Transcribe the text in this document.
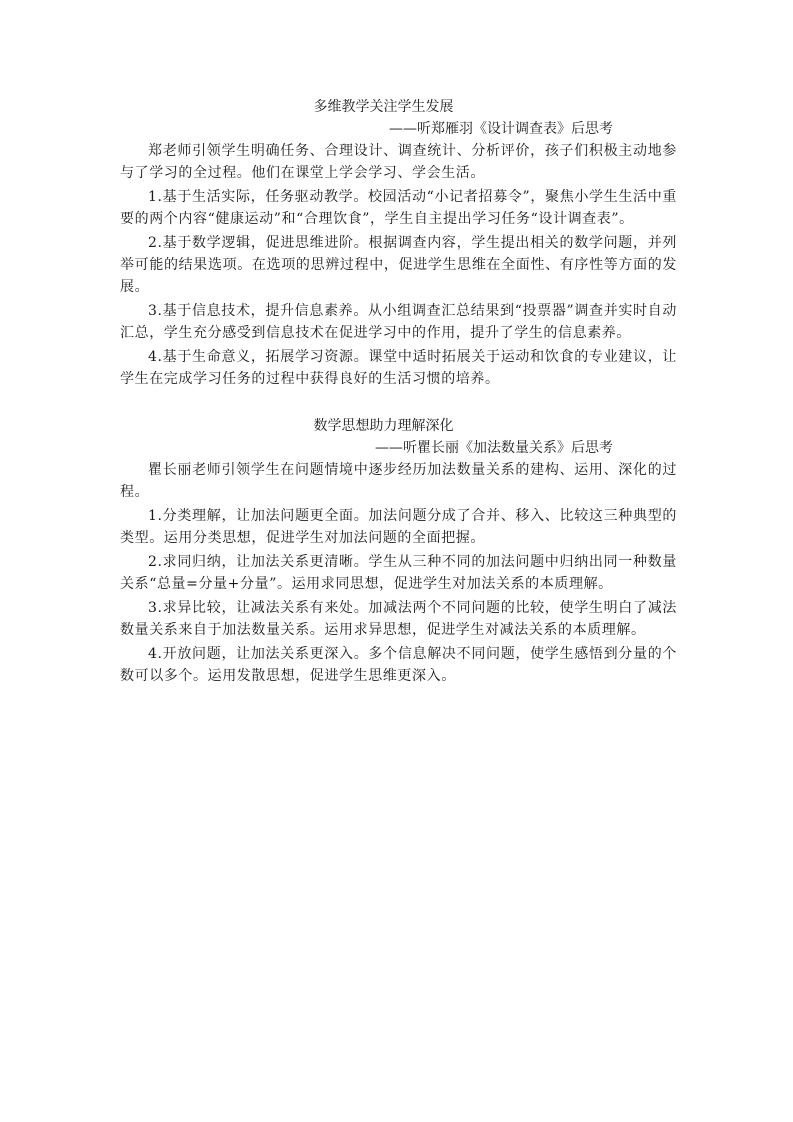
多维教学关注学生发展

——听郑雁羽《设计调查表》后思考

郑老师引领学生明确任务、合理设计、调查统计、分析评价，孩子们积极主动地参与了学习的全过程。他们在课堂上学会学习、学会生活。

1.基于生活实际，任务驱动教学。校园活动“小记者招募令”，聚焦小学生生活中重要的两个内容“健康运动”和“合理饮食”，学生自主提出学习任务“设计调查表”。

2.基于数学逻辑，促进思维进阶。根据调查内容，学生提出相关的数学问题，并列举可能的结果选项。在选项的思辨过程中，促进学生思维在全面性、有序性等方面的发展。

3.基于信息技术，提升信息素养。从小组调查汇总结果到“投票器”调查并实时自动汇总，学生充分感受到信息技术在促进学习中的作用，提升了学生的信息素养。

4.基于生命意义，拓展学习资源。课堂中适时拓展关于运动和饮食的专业建议，让学生在完成学习任务的过程中获得良好的生活习惯的培养。

数学思想助力理解深化

——听瞿长丽《加法数量关系》后思考

瞿长丽老师引领学生在问题情境中逐步经历加法数量关系的建构、运用、深化的过程。

1.分类理解，让加法问题更全面。加法问题分成了合并、移入、比较这三种典型的类型。运用分类思想，促进学生对加法问题的全面把握。

2.求同归纳，让加法关系更清晰。学生从三种不同的加法问题中归纳出同一种数量关系“总量=分量+分量”。运用求同思想，促进学生对加法关系的本质理解。

3.求异比较，让减法关系有来处。加减法两个不同问题的比较，使学生明白了减法数量关系来自于加法数量关系。运用求异思想，促进学生对减法关系的本质理解。

4.开放问题，让加法关系更深入。多个信息解决不同问题，使学生感悟到分量的个数可以多个。运用发散思想，促进学生思维更深入。
